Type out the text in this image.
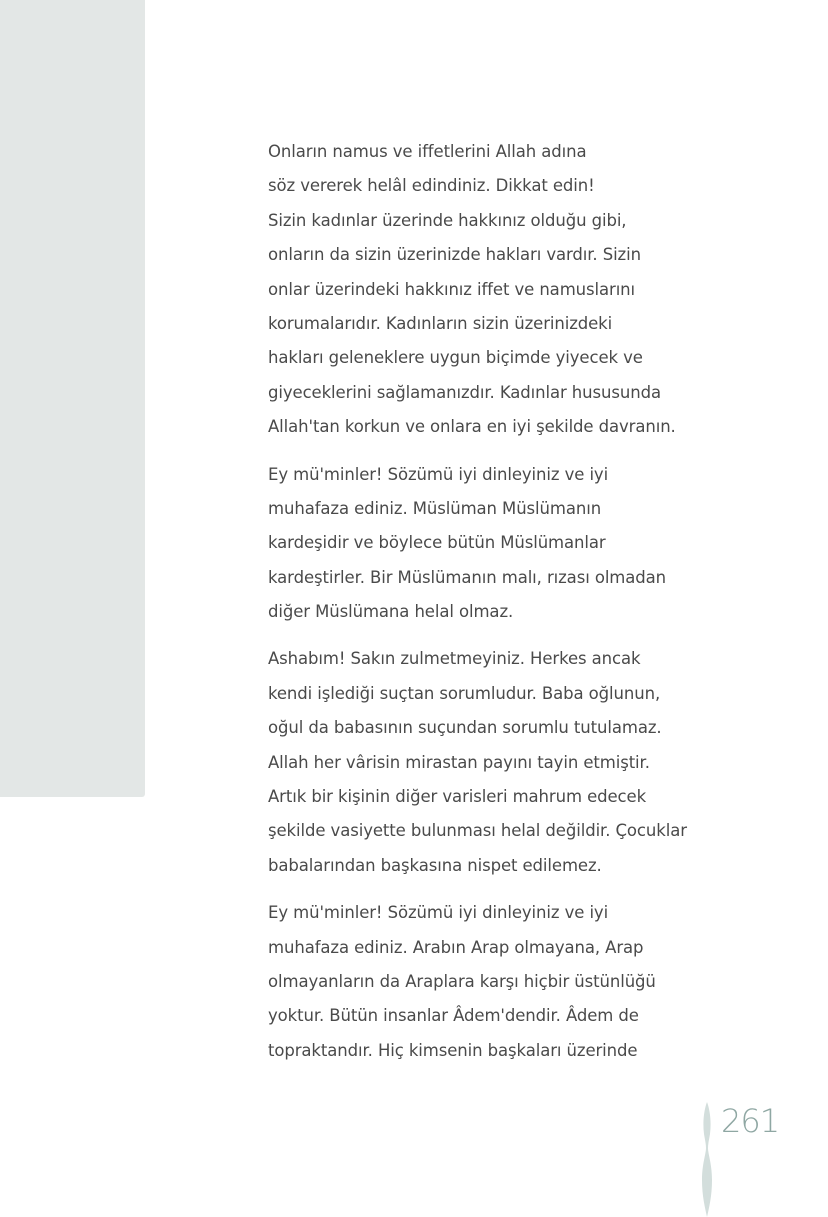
Onların namus ve iffetlerini Allah adına
söz vererek helâl edindiniz. Dikkat edin!
Sizin kadınlar üzerinde hakkınız olduğu gibi,
onların da sizin üzerinizde hakları vardır. Sizin
onlar üzerindeki hakkınız iffet ve namuslarını
korumalarıdır. Kadınların sizin üzerinizdeki
hakları geleneklere uygun biçimde yiyecek ve
giyeceklerini sağlamanızdır. Kadınlar hususunda
Allah'tan korkun ve onlara en iyi şekilde davranın.

Ey mü'minler! Sözümü iyi dinleyiniz ve iyi
muhafaza ediniz. Müslüman Müslümanın
kardeşidir ve böylece bütün Müslümanlar
kardeştirler. Bir Müslümanın malı, rızası olmadan
diğer Müslümana helal olmaz.

Ashabım! Sakın zulmetmeyiniz. Herkes ancak
kendi işlediği suçtan sorumludur. Baba oğlunun,
oğul da babasının suçundan sorumlu tutulamaz.
Allah her vârisin mirastan payını tayin etmiştir.
Artık bir kişinin diğer varisleri mahrum edecek
şekilde vasiyette bulunması helal değildir. Çocuklar
babalarından başkasına nispet edilemez.

Ey mü'minler! Sözümü iyi dinleyiniz ve iyi
muhafaza ediniz. Arabın Arap olmayana, Arap
olmayanların da Araplara karşı hiçbir üstünlüğü
yoktur. Bütün insanlar Âdem'dendir. Âdem de
topraktandır. Hiç kimsenin başkaları üzerinde

261
